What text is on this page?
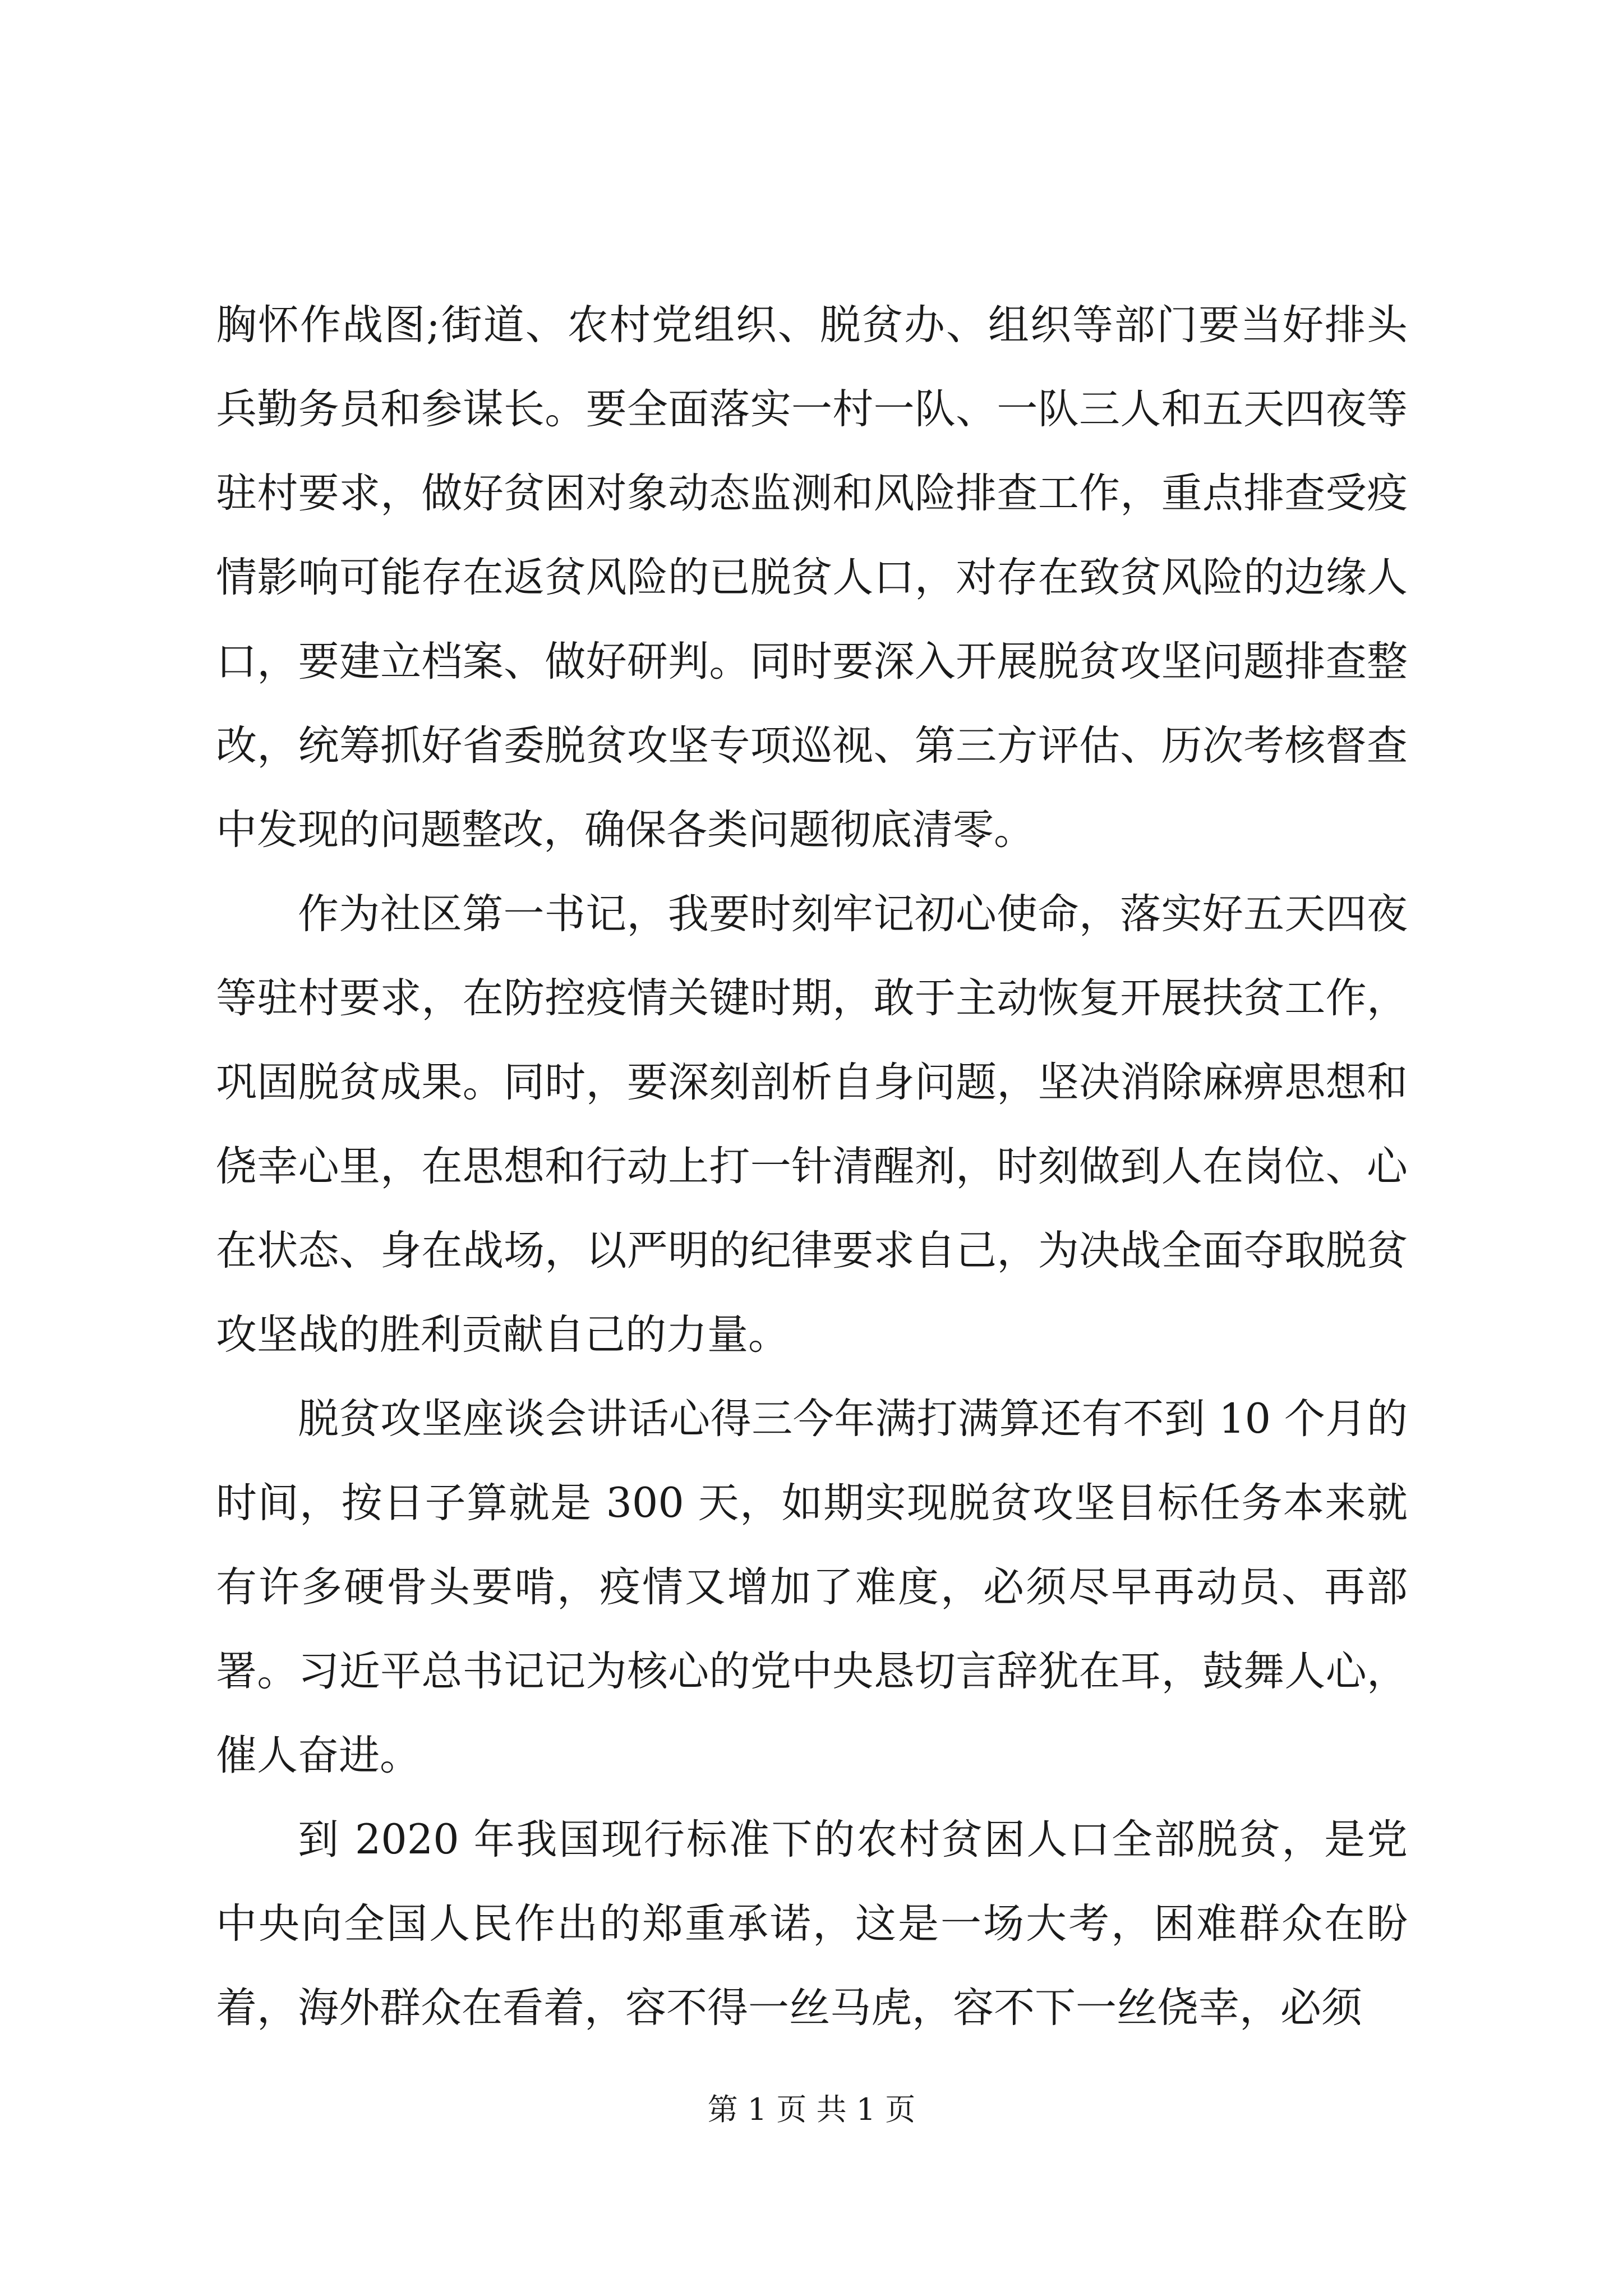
胸怀作战图;街道、农村党组织、脱贫办、组织等部门要当好排头兵勤务员和参谋长。要全面落实一村一队、一队三人和五天四夜等驻村要求，做好贫困对象动态监测和风险排查工作，重点排查受疫情影响可能存在返贫风险的已脱贫人口，对存在致贫风险的边缘人口，要建立档案、做好研判。同时要深入开展脱贫攻坚问题排查整改，统筹抓好省委脱贫攻坚专项巡视、第三方评估、历次考核督查中发现的问题整改，确保各类问题彻底清零。

作为社区第一书记，我要时刻牢记初心使命，落实好五天四夜等驻村要求，在防控疫情关键时期，敢于主动恢复开展扶贫工作，巩固脱贫成果。同时，要深刻剖析自身问题，坚决消除麻痹思想和侥幸心里，在思想和行动上打一针清醒剂，时刻做到人在岗位、心在状态、身在战场，以严明的纪律要求自己，为决战全面夺取脱贫攻坚战的胜利贡献自己的力量。

脱贫攻坚座谈会讲话心得三今年满打满算还有不到 10 个月的时间，按日子算就是 300 天，如期实现脱贫攻坚目标任务本来就有许多硬骨头要啃，疫情又增加了难度，必须尽早再动员、再部署。习近平总书记记为核心的党中央恳切言辞犹在耳，鼓舞人心，催人奋进。

到 2020 年我国现行标准下的农村贫困人口全部脱贫，是党中央向全国人民作出的郑重承诺，这是一场大考，困难群众在盼着，海外群众在看着，容不得一丝马虎，容不下一丝侥幸，必须

第 1 页 共 1 页
